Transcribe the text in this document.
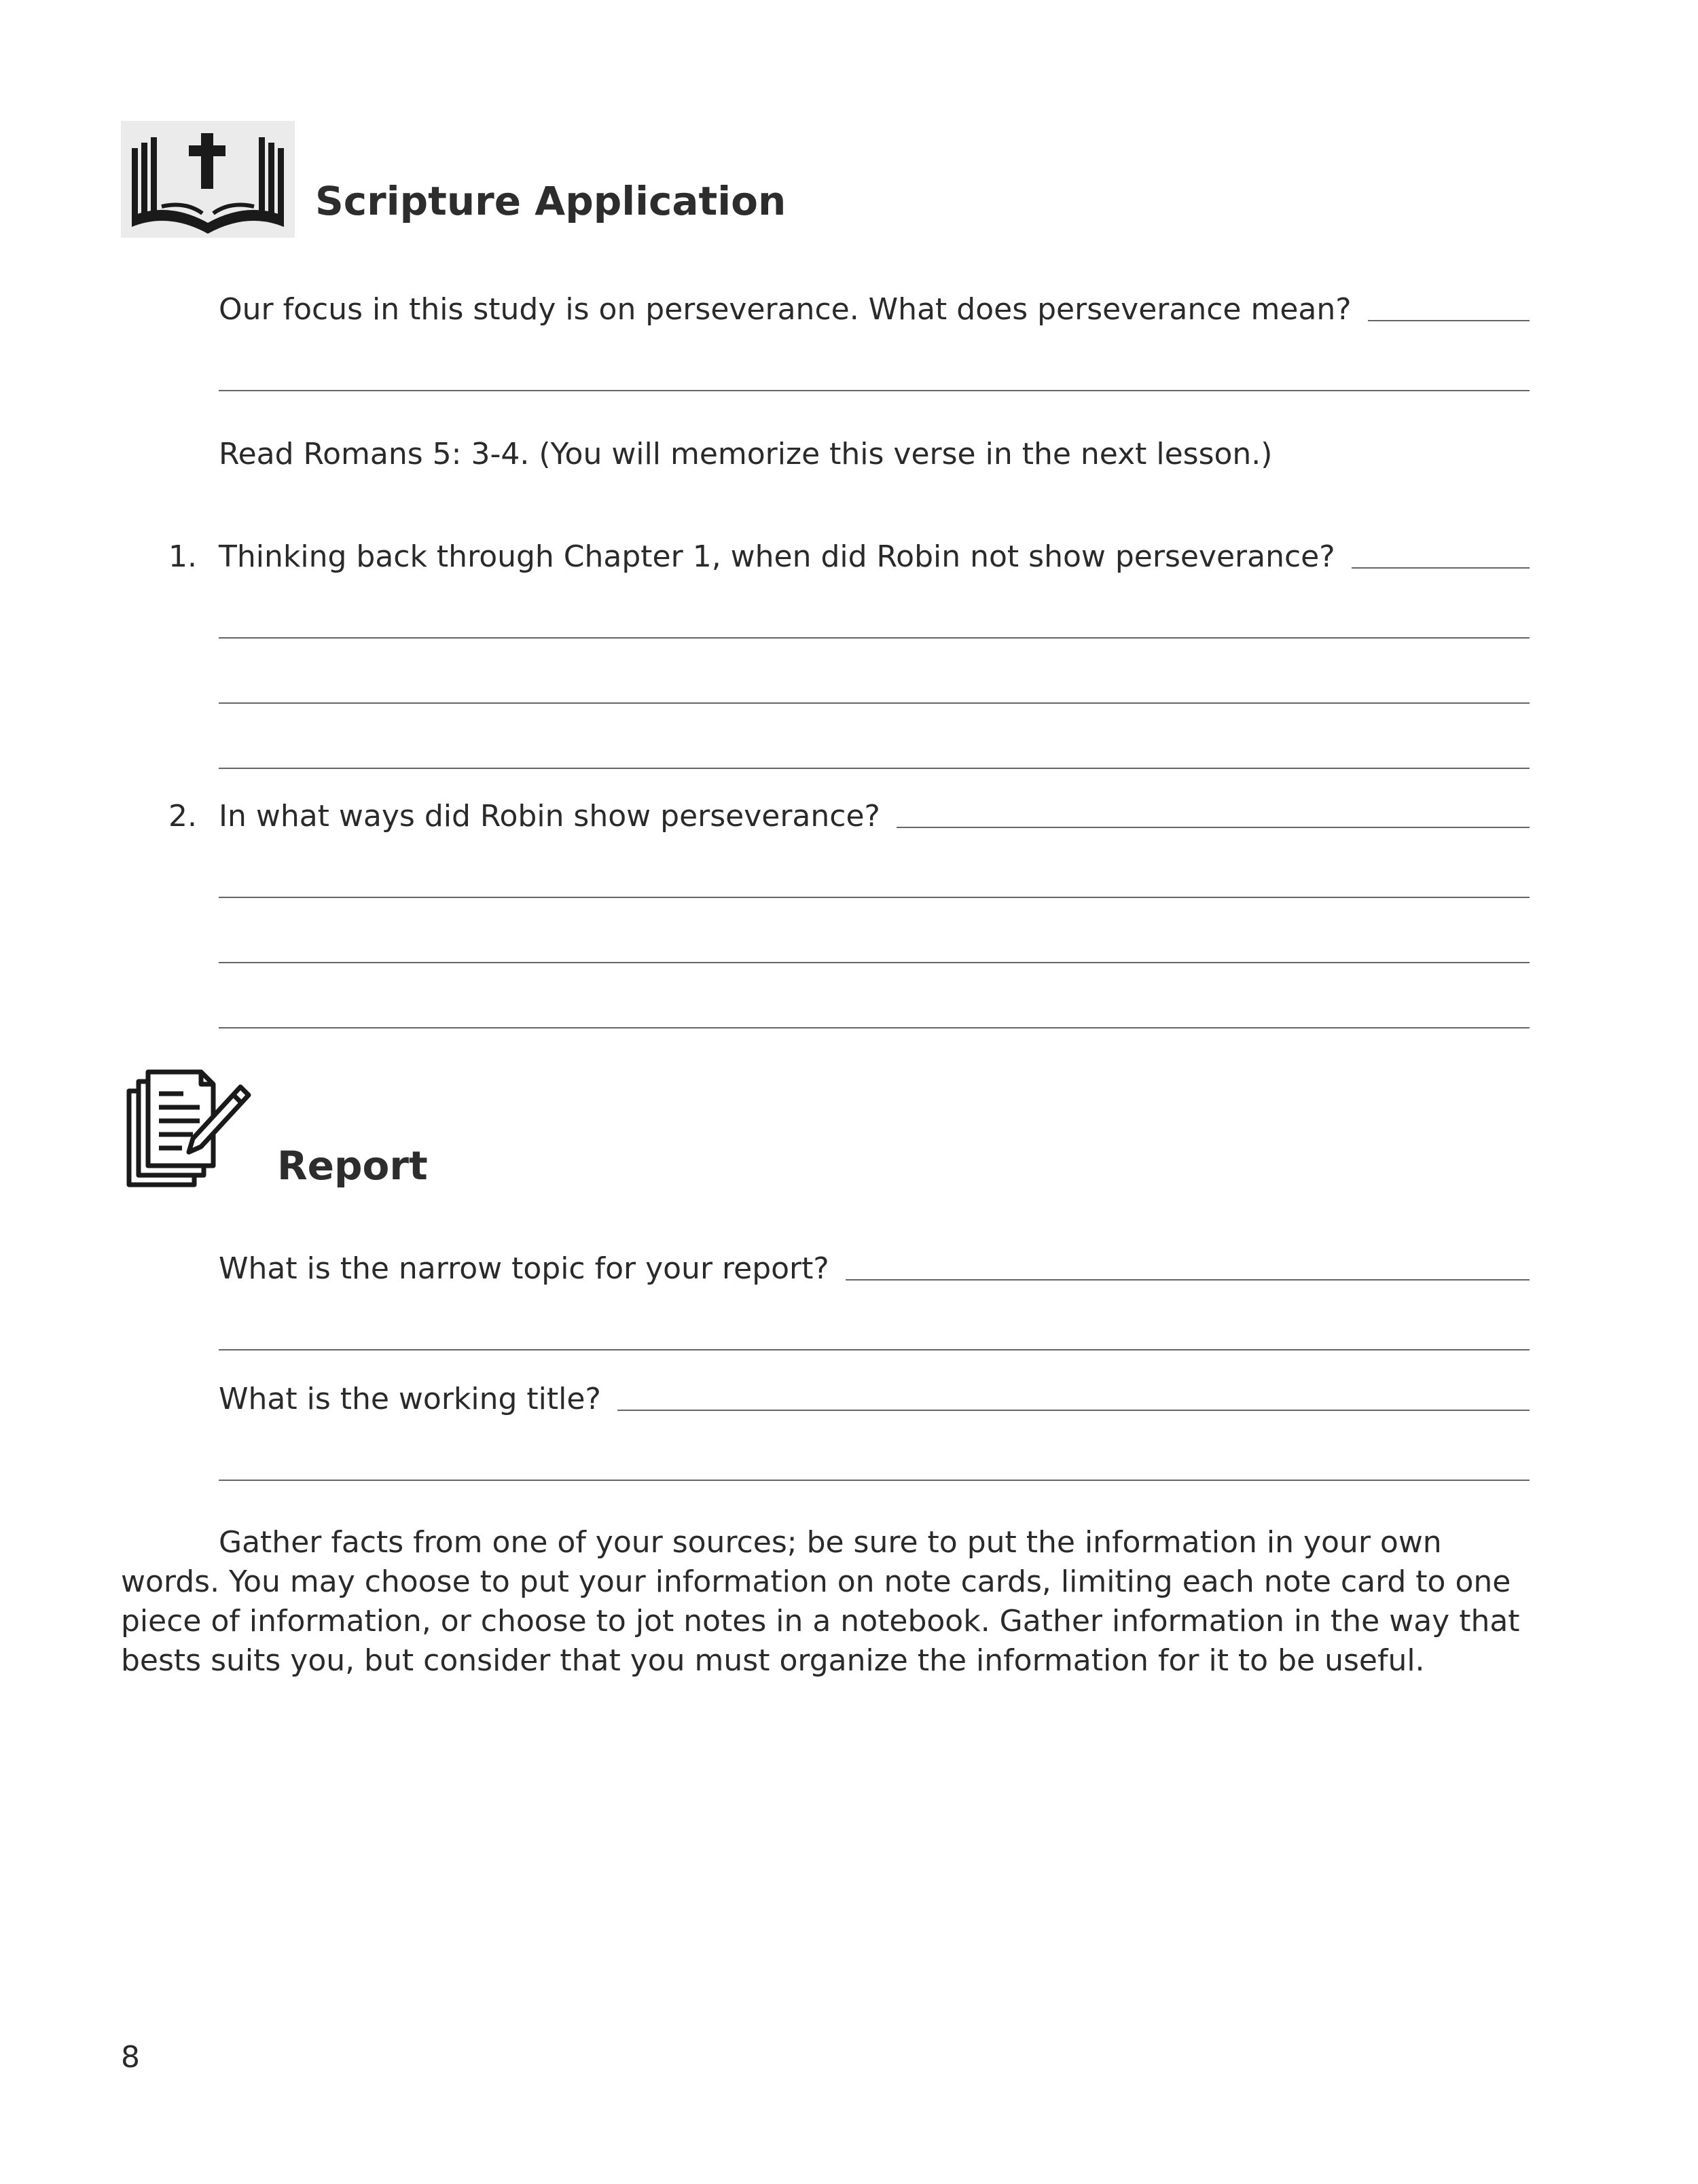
Scripture Application
Our focus in this study is on perseverance. What does perseverance mean?
Read Romans 5: 3-4. (You will memorize this verse in the next lesson.)
1. Thinking back through Chapter 1, when did Robin not show perseverance?
2. In what ways did Robin show perseverance?
Report
What is the narrow topic for your report?
What is the working title?

Gather facts from one of your sources; be sure to put the information in your own words. You may choose to put your information on note cards, limiting each note card to one piece of information, or choose to jot notes in a notebook. Gather information in the way that bests suits you, but consider that you must organize the information for it to be useful.

8
